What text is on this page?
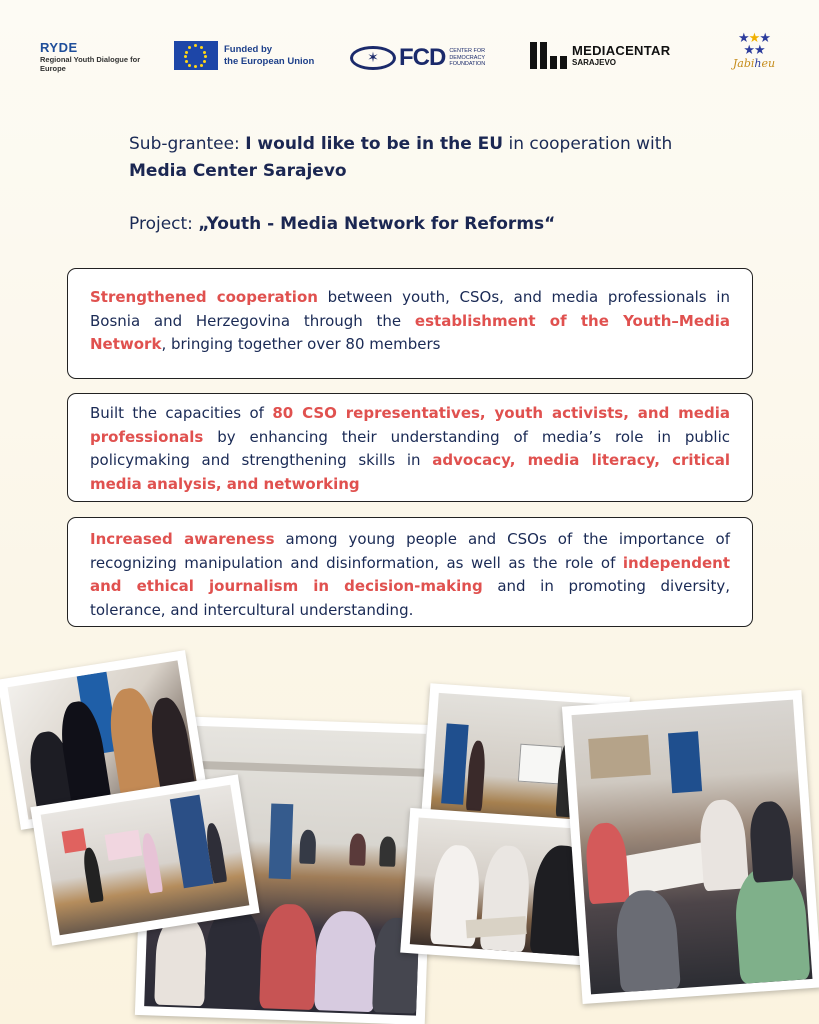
RYDE
Regional Youth Dialogue for Europe
Funded by
the European Union	✶ FCD CENTER FOR DEMOCRACY FOUNDATION
MEDIACENTAR
SARAJEVO
★★★
★★
Jabiheu
Sub-grantee: I would like to be in the EU in cooperation with
Media Center Sarajevo
Project: „Youth - Media Network for Reforms“
Strengthened cooperation between youth, CSOs, and media professionals in Bosnia and Herzegovina through the establishment of the Youth–Media Network, bringing together over 80 members
Built the capacities of 80 CSO representatives, youth activists, and media professionals by enhancing their understanding of media’s role in public policymaking and strengthening skills in advocacy, media literacy, critical media analysis, and networking
Increased awareness among young people and CSOs of the importance of recognizing manipulation and disinformation, as well as the role of independent and ethical journalism in decision-making and in promoting diversity, tolerance, and intercultural understanding.
